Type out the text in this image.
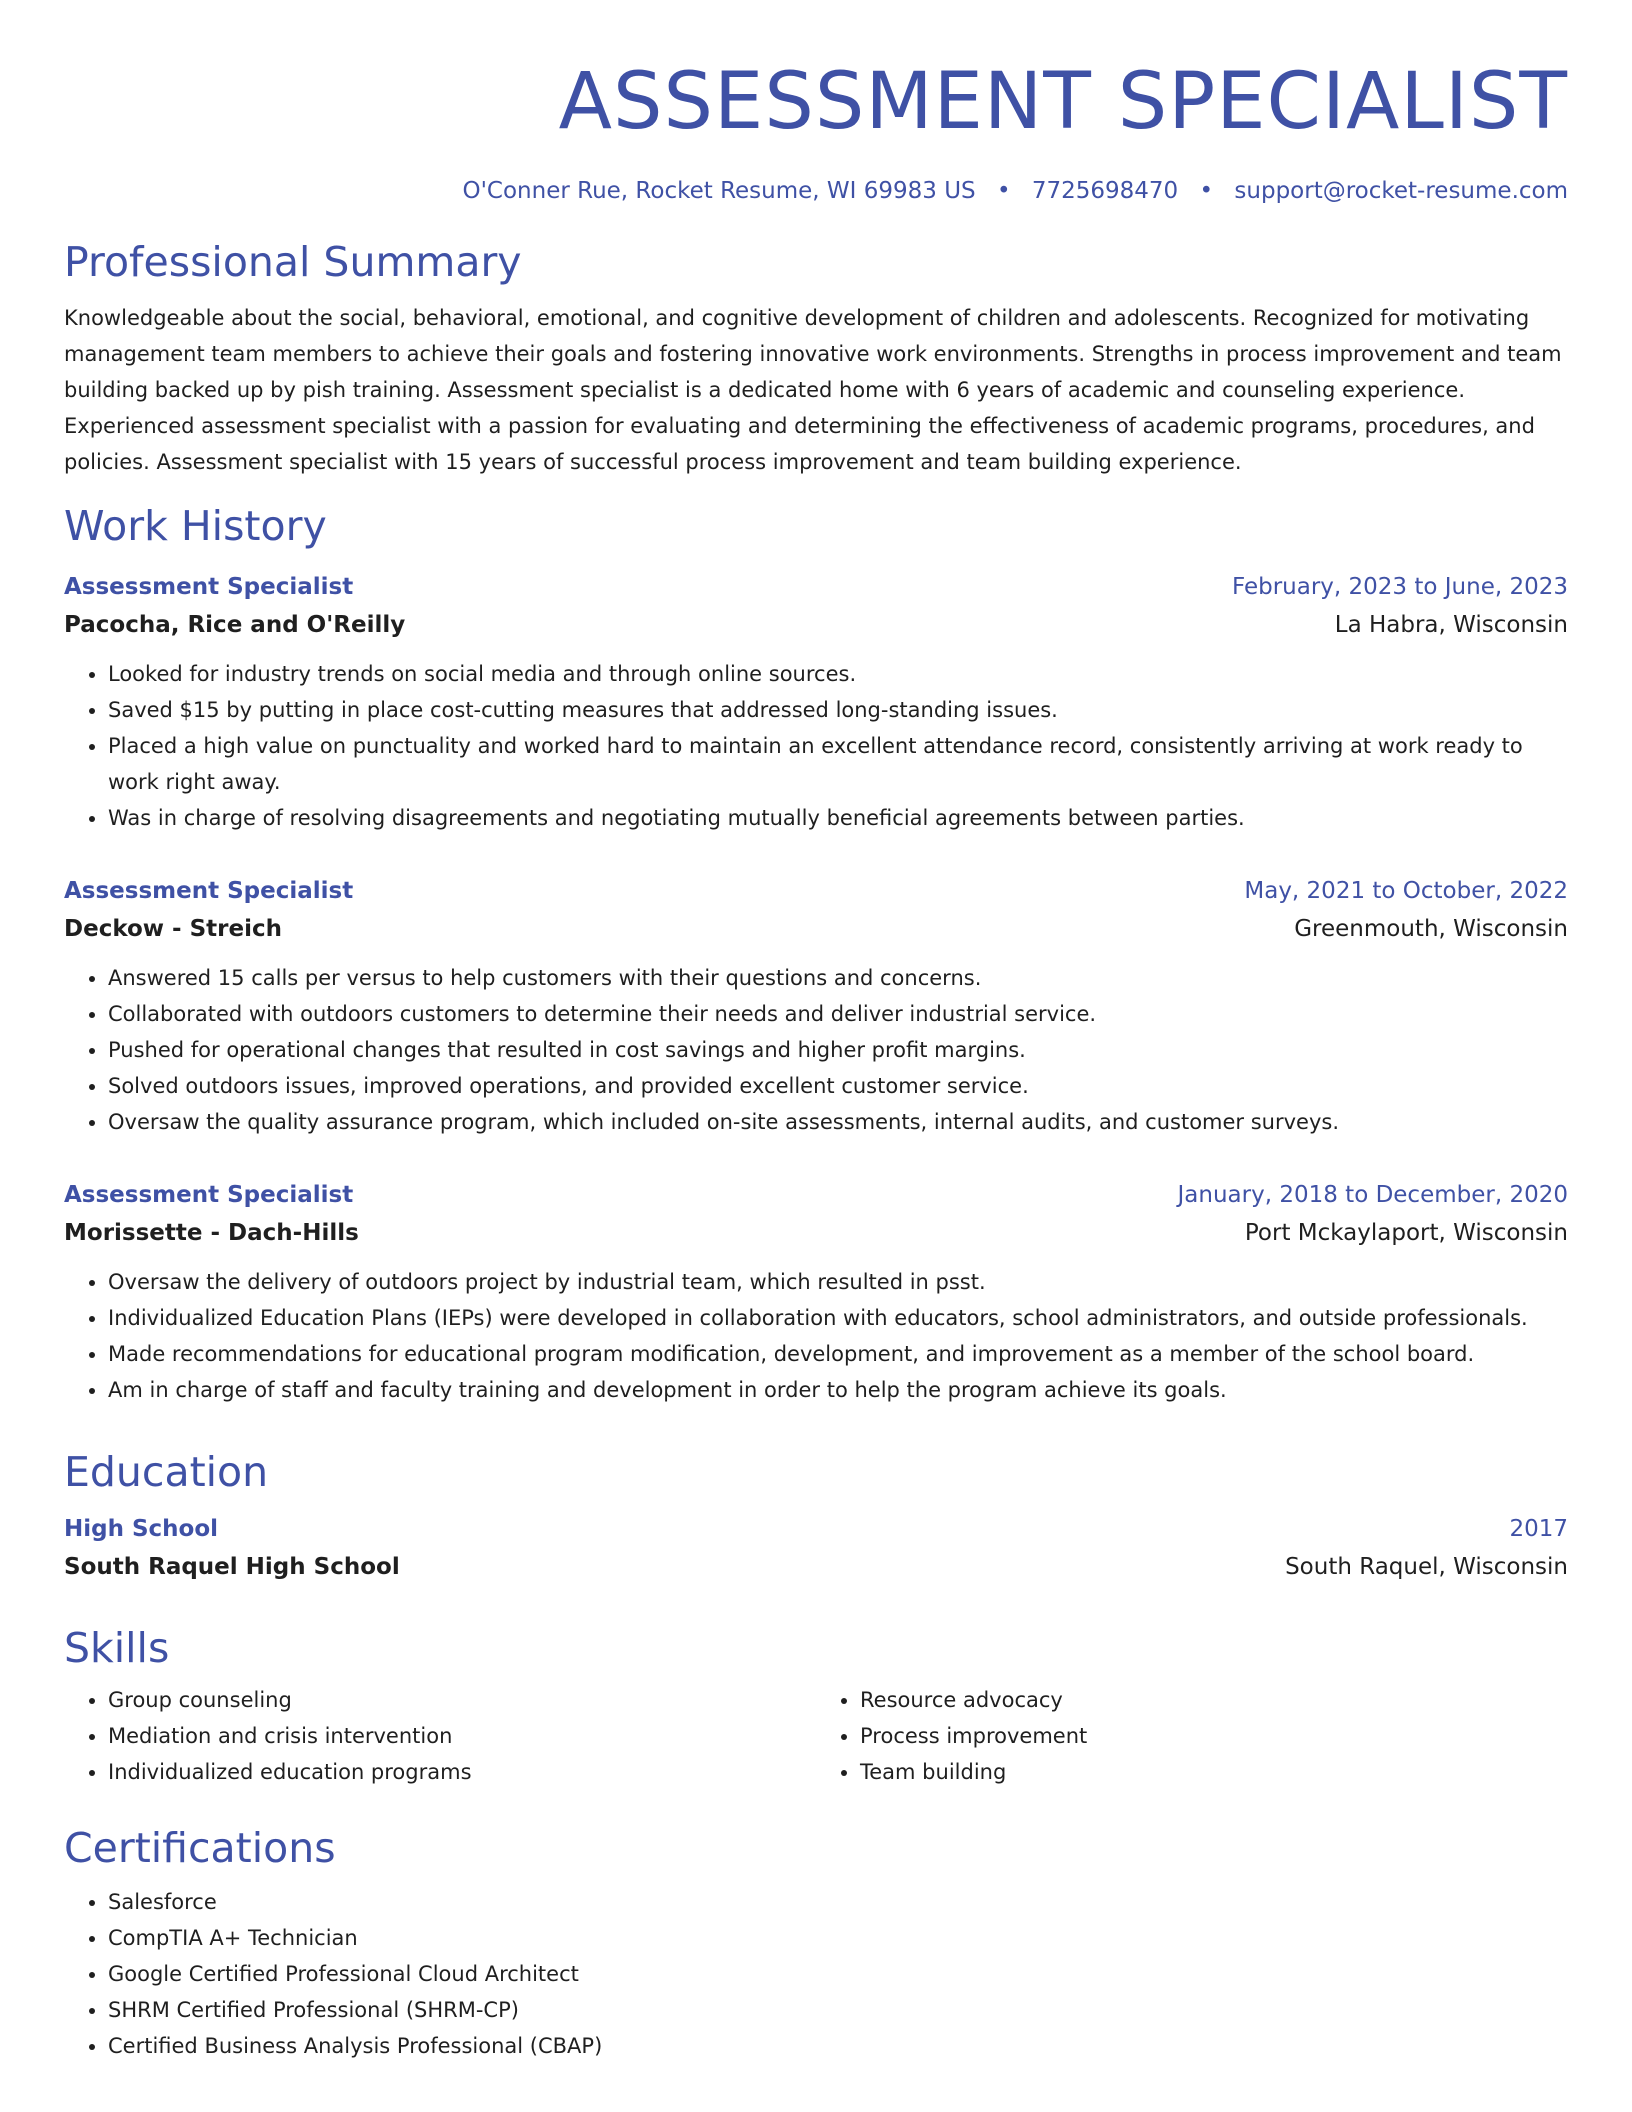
ASSESSMENT SPECIALIST
O'Conner Rue, Rocket Resume, WI 69983 US • 7725698470 • support@rocket-resume.com
Professional Summary
Knowledgeable about the social, behavioral, emotional, and cognitive development of children and adolescents. Recognized for motivating management team members to achieve their goals and fostering innovative work environments. Strengths in process improvement and team building backed up by pish training. Assessment specialist is a dedicated home with 6 years of academic and counseling experience. Experienced assessment specialist with a passion for evaluating and determining the effectiveness of academic programs, procedures, and policies. Assessment specialist with 15 years of successful process improvement and team building experience.
Work History
Assessment Specialist	February, 2023 to June, 2023
Pacocha, Rice and O'Reilly	La Habra, Wisconsin
• Looked for industry trends on social media and through online sources.
• Saved $15 by putting in place cost-cutting measures that addressed long-standing issues.
• Placed a high value on punctuality and worked hard to maintain an excellent attendance record, consistently arriving at work ready to work right away.
• Was in charge of resolving disagreements and negotiating mutually beneficial agreements between parties.
Assessment Specialist	May, 2021 to October, 2022
Deckow - Streich	Greenmouth, Wisconsin
• Answered 15 calls per versus to help customers with their questions and concerns.
• Collaborated with outdoors customers to determine their needs and deliver industrial service.
• Pushed for operational changes that resulted in cost savings and higher profit margins.
• Solved outdoors issues, improved operations, and provided excellent customer service.
• Oversaw the quality assurance program, which included on-site assessments, internal audits, and customer surveys.
Assessment Specialist	January, 2018 to December, 2020
Morissette - Dach-Hills	Port Mckaylaport, Wisconsin
• Oversaw the delivery of outdoors project by industrial team, which resulted in psst.
• Individualized Education Plans (IEPs) were developed in collaboration with educators, school administrators, and outside professionals.
• Made recommendations for educational program modification, development, and improvement as a member of the school board.
• Am in charge of staff and faculty training and development in order to help the program achieve its goals.
Education
High School	2017
South Raquel High School	South Raquel, Wisconsin
Skills
• Group counseling
• Mediation and crisis intervention
• Individualized education programs
• Resource advocacy
• Process improvement
• Team building
Certifications
• Salesforce
• CompTIA A+ Technician
• Google Certified Professional Cloud Architect
• SHRM Certified Professional (SHRM-CP)
• Certified Business Analysis Professional (CBAP)
